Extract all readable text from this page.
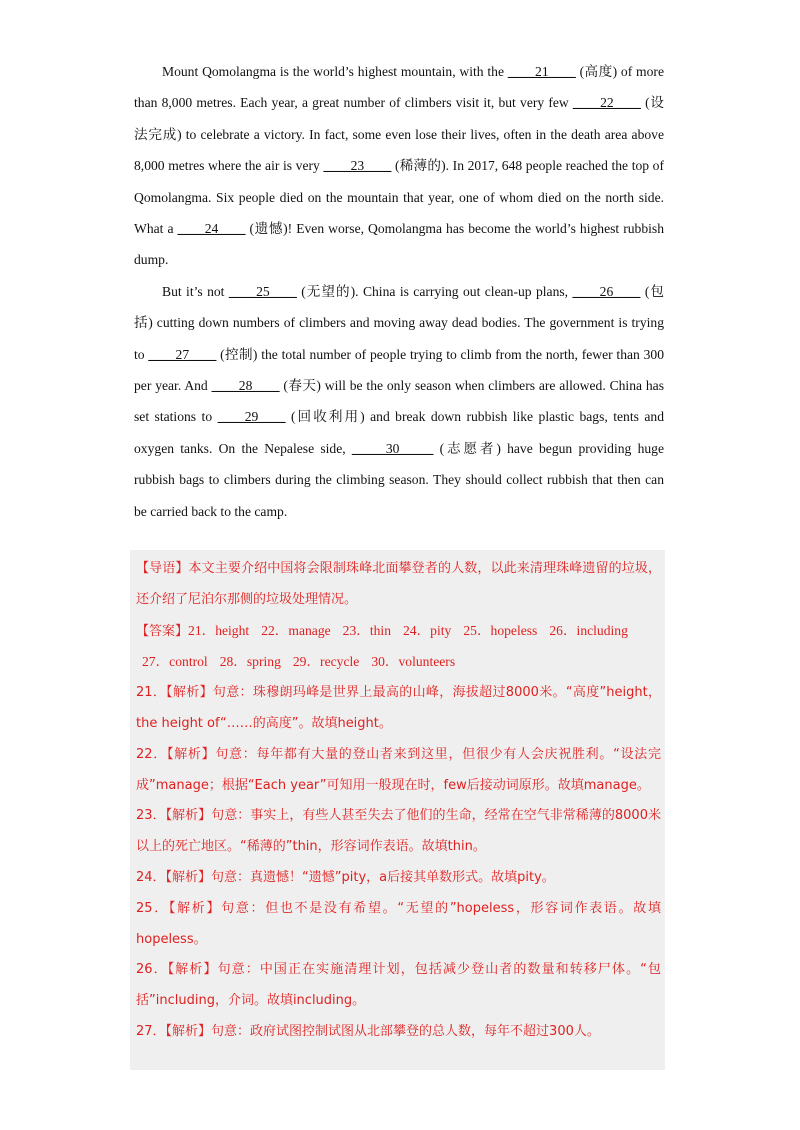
Mount Qomolangma is the world’s highest mountain, with the ____21____ (高度) of more than 8,000 metres. Each year, a great number of climbers visit it, but very few ____22____ (设法完成) to celebrate a victory. In fact, some even lose their lives, often in the death area above 8,000 metres where the air is very ____23____ (稀薄的). In 2017, 648 people reached the top of Qomolangma. Six people died on the mountain that year, one of whom died on the north side. What a ____24____ (遗憾)! Even worse, Qomolangma has become the world’s highest rubbish dump.

But it’s not ____25____ (无望的). China is carrying out clean-up plans, ____26____ (包括) cutting down numbers of climbers and moving away dead bodies. The government is trying to ____27____ (控制) the total number of people trying to climb from the north, fewer than 300 per year. And ____28____ (春天) will be the only season when climbers are allowed. China has set stations to ____29____ (回收利用) and break down rubbish like plastic bags, tents and oxygen tanks. On the Nepalese side, _____30_____ (志愿者) have begun providing huge rubbish bags to climbers during the climbing season. They should collect rubbish that then can be carried back to the camp.

【导语】本文主要介绍中国将会限制珠峰北面攀登者的人数，以此来清理珠峰遗留的垃圾，还介绍了尼泊尔那侧的垃圾处理情况。

【答案】21．height 22．manage 23．thin 24．pity 25．hopeless 26．including

27．control 28．spring 29．recycle 30．volunteers

21．【解析】句意：珠穆朗玛峰是世界上最高的山峰，海拔超过8000米。“高度”height，the height of“……的高度”。故填height。

22．【解析】句意：每年都有大量的登山者来到这里，但很少有人会庆祝胜利。“设法完成”manage；根据“Each year”可知用一般现在时，few后接动词原形。故填manage。

23．【解析】句意：事实上，有些人甚至失去了他们的生命，经常在空气非常稀薄的8000米以上的死亡地区。“稀薄的”thin，形容词作表语。故填thin。

24．【解析】句意：真遗憾！“遗憾”pity，a后接其单数形式。故填pity。

25．【解析】句意：但也不是没有希望。“无望的”hopeless，形容词作表语。故填hopeless。

26．【解析】句意：中国正在实施清理计划，包括减少登山者的数量和转移尸体。“包括”including，介词。故填including。

27．【解析】句意：政府试图控制试图从北部攀登的总人数，每年不超过300人。
